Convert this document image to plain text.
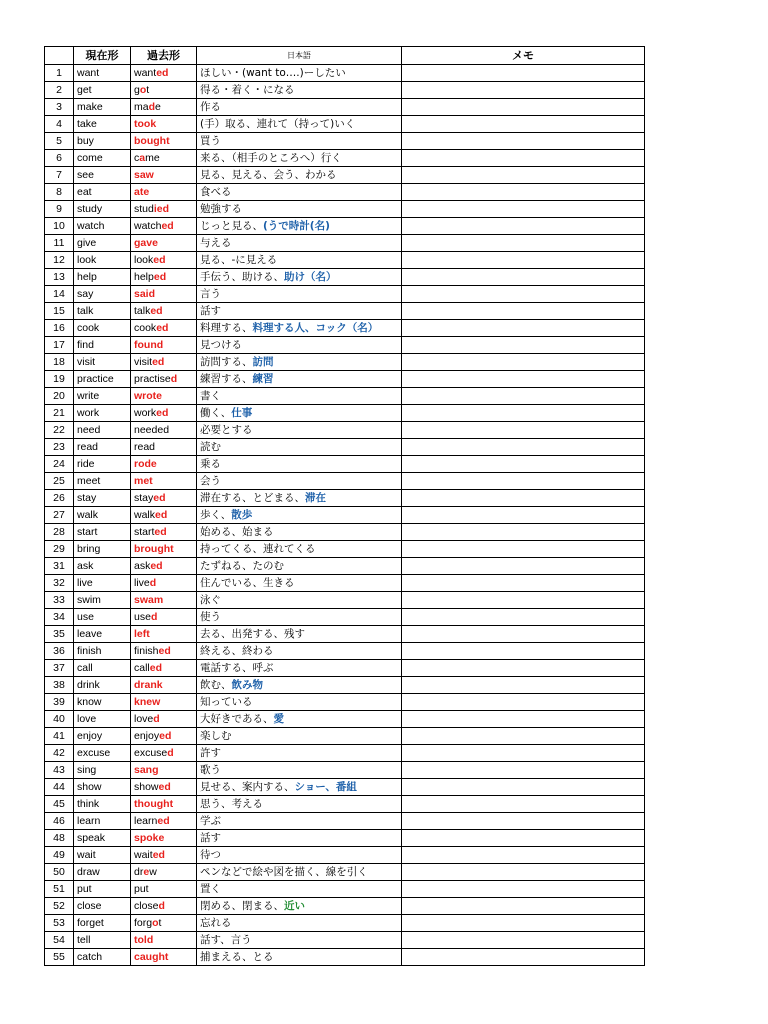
	現在形	過去形	日本語	メモ
1	want	wanted	ほしい・(want to….)ーしたい	
2	get	got	得る・着く・になる	
3	make	made	作る	
4	take	took	(手）取る、連れて（持って)いく	
5	buy	bought	買う	
6	come	came	来る、（相手のところへ）行く	
7	see	saw	見る、見える、会う、わかる	
8	eat	ate	食べる	
9	study	studied	勉強する	
10	watch	watched	じっと見る、(うで時計(名)	
11	give	gave	与える	
12	look	looked	見る、-に見える	
13	help	helped	手伝う、助ける、助け（名）	
14	say	said	言う	
15	talk	talked	話す	
16	cook	cooked	料理する、料理する人、コック（名）	
17	find	found	見つける	
18	visit	visited	訪問する、訪問	
19	practice	practised	練習する、練習	
20	write	wrote	書く	
21	work	worked	働く、仕事	
22	need	needed	必要とする	
23	read	read	読む	
24	ride	rode	乗る	
25	meet	met	会う	
26	stay	stayed	滞在する、とどまる、滞在	
27	walk	walked	歩く、散歩	
28	start	started	始める、始まる	
29	bring	brought	持ってくる、連れてくる	
31	ask	asked	たずねる、たのむ	
32	live	lived	住んでいる、生きる	
33	swim	swam	泳ぐ	
34	use	used	使う	
35	leave	left	去る、出発する、残す	
36	finish	finished	終える、終わる	
37	call	called	電話する、呼ぶ	
38	drink	drank	飲む、飲み物	
39	know	knew	知っている	
40	love	loved	大好きである、愛	
41	enjoy	enjoyed	楽しむ	
42	excuse	excused	許す	
43	sing	sang	歌う	
44	show	showed	見せる、案内する、ショー、番組	
45	think	thought	思う、考える	
46	learn	learned	学ぶ	
48	speak	spoke	話す	
49	wait	waited	待つ	
50	draw	drew	ペンなどで絵や図を描く、線を引く	
51	put	put	置く	
52	close	closed	閉める、閉まる、近い	
53	forget	forgot	忘れる	
54	tell	told	話す、言う	
55	catch	caught	捕まえる、とる	
